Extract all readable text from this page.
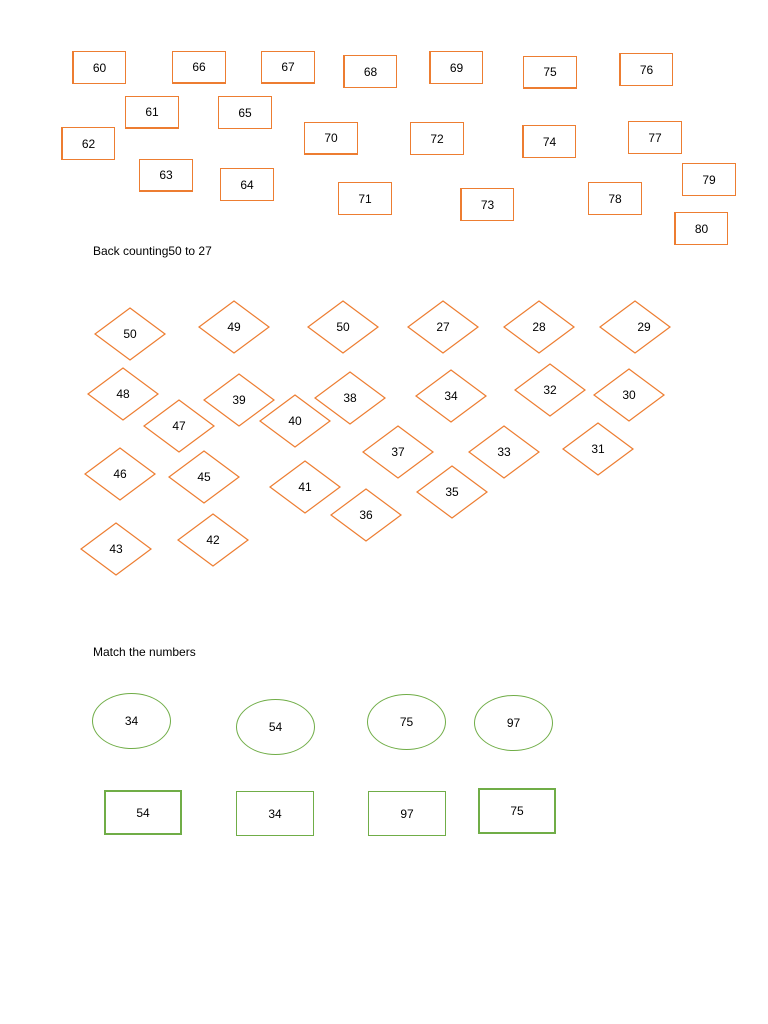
60	66	67	68	69	75	76
61	65
62	70	72	74	77
63
64
71	73	78
79
80
Back counting50 to 27
50	49	50	27	28	29
48	39	38	34	32	30
47	40
37	33	31
46	45
41	35
36
43
42
Match the numbers
34	54	75	97
54	34	97	75
